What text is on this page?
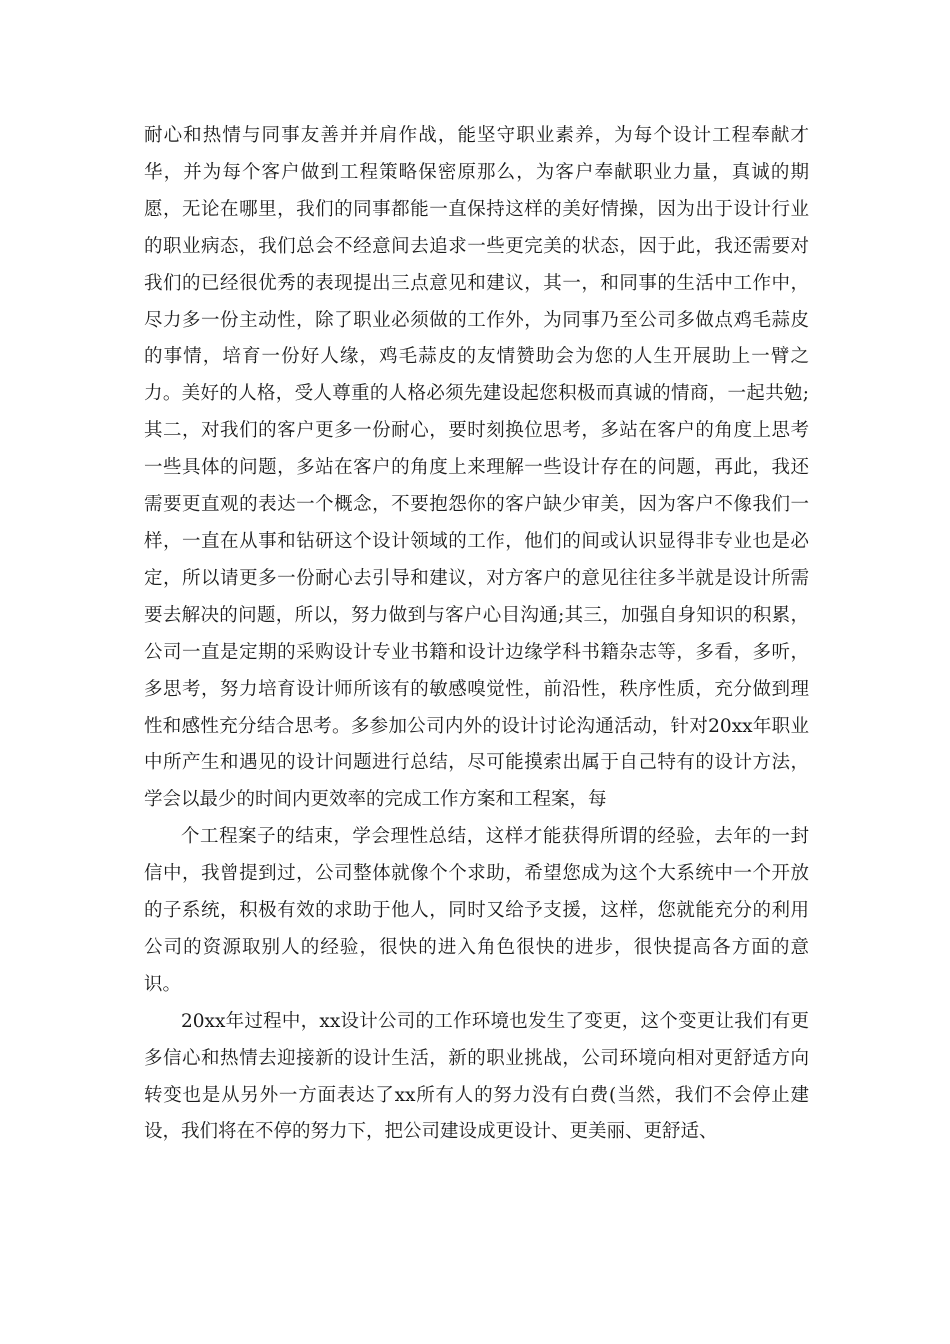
耐心和热情与同事友善并并肩作战，能坚守职业素养，为每个设计工程奉献才华，并为每个客户做到工程策略保密原那么，为客户奉献职业力量，真诚的期愿，无论在哪里，我们的同事都能一直保持这样的美好情操，因为出于设计行业的职业病态，我们总会不经意间去追求一些更完美的状态，因于此，我还需要对我们的已经很优秀的表现提出三点意见和建议，其一，和同事的生活中工作中，尽力多一份主动性，除了职业必须做的工作外，为同事乃至公司多做点鸡毛蒜皮的事情，培育一份好人缘，鸡毛蒜皮的友情赞助会为您的人生开展助上一臂之力。美好的人格，受人尊重的人格必须先建设起您积极而真诚的情商，一起共勉;其二，对我们的客户更多一份耐心，要时刻换位思考，多站在客户的角度上思考一些具体的问题，多站在客户的角度上来理解一些设计存在的问题，再此，我还需要更直观的表达一个概念，不要抱怨你的客户缺少审美，因为客户不像我们一样，一直在从事和钻研这个设计领域的工作，他们的间或认识显得非专业也是必定，所以请更多一份耐心去引导和建议，对方客户的意见往往多半就是设计所需要去解决的问题，所以，努力做到与客户心目沟通;其三，加强自身知识的积累，公司一直是定期的采购设计专业书籍和设计边缘学科书籍杂志等，多看，多听，多思考，努力培育设计师所该有的敏感嗅觉性，前沿性，秩序性质，充分做到理性和感性充分结合思考。多参加公司内外的设计讨论沟通活动，针对20xx年职业中所产生和遇见的设计问题进行总结，尽可能摸索出属于自己特有的设计方法，学会以最少的时间内更效率的完成工作方案和工程案，每

个工程案子的结束，学会理性总结，这样才能获得所谓的经验，去年的一封信中，我曾提到过，公司整体就像个个求助，希望您成为这个大系统中一个开放的子系统，积极有效的求助于他人，同时又给予支援，这样，您就能充分的利用公司的资源取别人的经验，很快的进入角色很快的进步，很快提高各方面的意识。

20xx年过程中，xx设计公司的工作环境也发生了变更，这个变更让我们有更多信心和热情去迎接新的设计生活，新的职业挑战，公司环境向相对更舒适方向转变也是从另外一方面表达了xx所有人的努力没有白费(当然，我们不会停止建设，我们将在不停的努力下，把公司建设成更设计、更美丽、更舒适、
